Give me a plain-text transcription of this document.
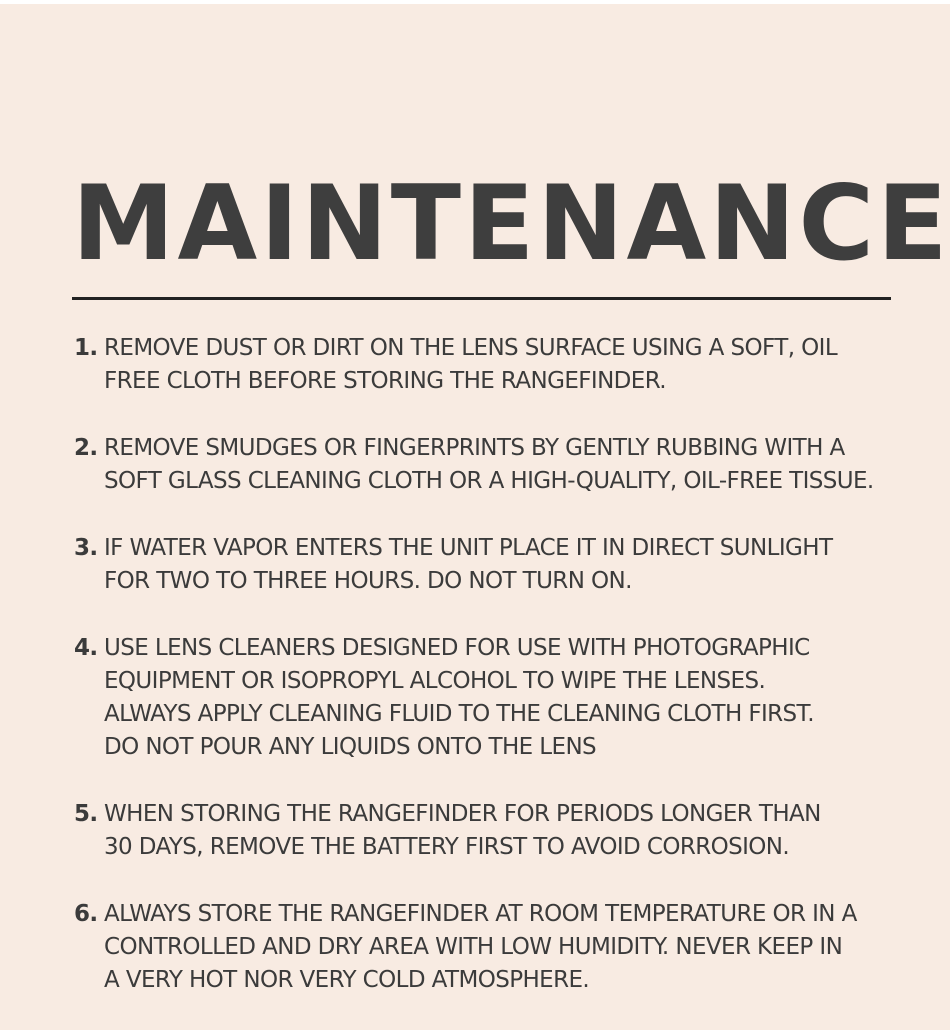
MAINTENANCE
1. REMOVE DUST OR DIRT ON THE LENS SURFACE USING A SOFT, OIL
FREE CLOTH BEFORE STORING THE RANGEFINDER.
2. REMOVE SMUDGES OR FINGERPRINTS BY GENTLY RUBBING WITH A
SOFT GLASS CLEANING CLOTH OR A HIGH-QUALITY, OIL-FREE TISSUE.
3. IF WATER VAPOR ENTERS THE UNIT PLACE IT IN DIRECT SUNLIGHT
FOR TWO TO THREE HOURS. DO NOT TURN ON.
4. USE LENS CLEANERS DESIGNED FOR USE WITH PHOTOGRAPHIC
EQUIPMENT OR ISOPROPYL ALCOHOL TO WIPE THE LENSES.
ALWAYS APPLY CLEANING FLUID TO THE CLEANING CLOTH FIRST.
DO NOT POUR ANY LIQUIDS ONTO THE LENS
5. WHEN STORING THE RANGEFINDER FOR PERIODS LONGER THAN
30 DAYS, REMOVE THE BATTERY FIRST TO AVOID CORROSION.
6. ALWAYS STORE THE RANGEFINDER AT ROOM TEMPERATURE OR IN A
CONTROLLED AND DRY AREA WITH LOW HUMIDITY. NEVER KEEP IN
A VERY HOT NOR VERY COLD ATMOSPHERE.
